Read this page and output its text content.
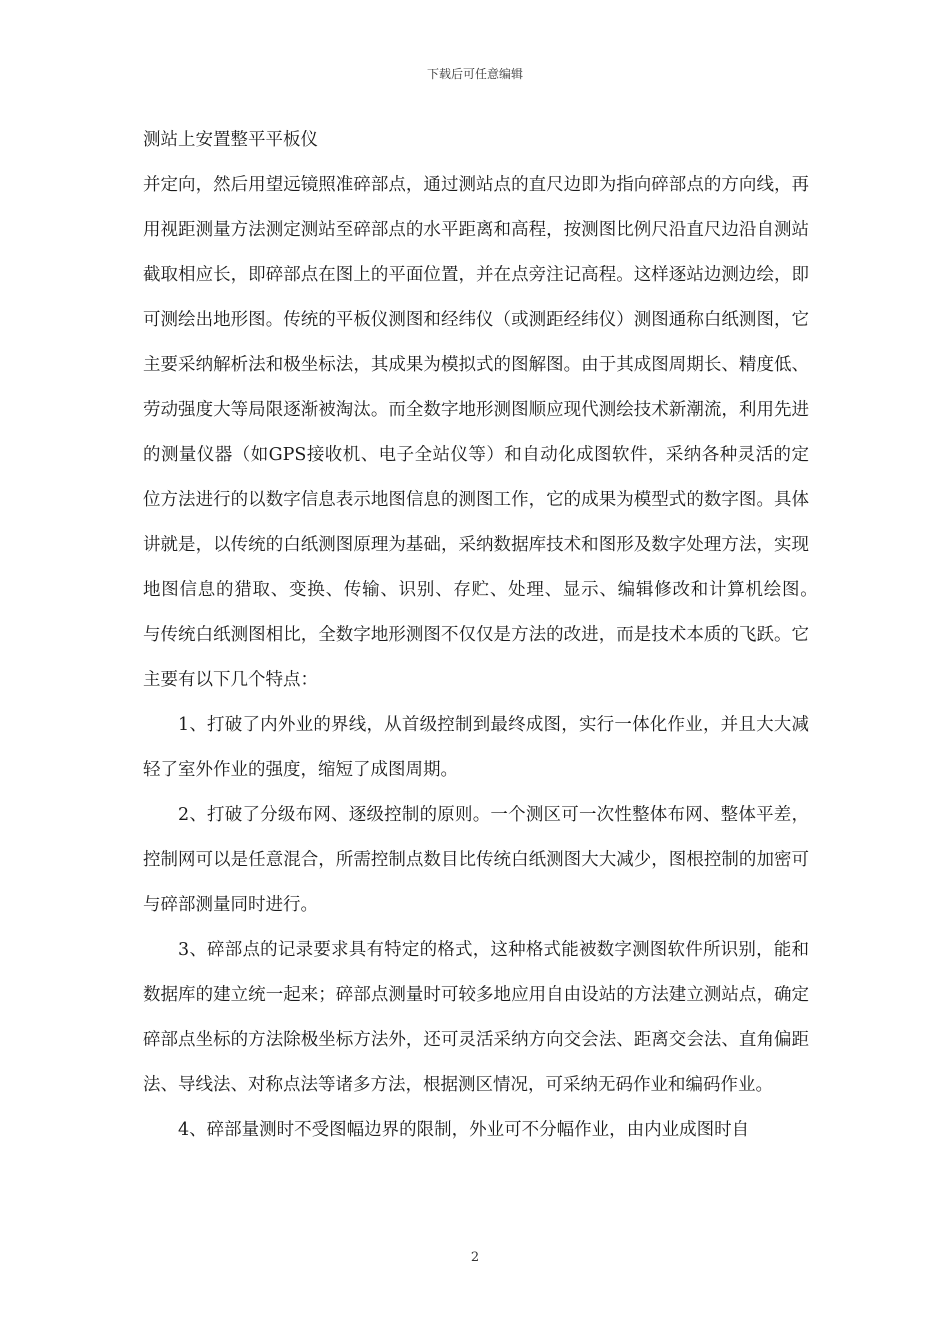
下载后可任意编辑

测站上安置整平平板仪

并定向，然后用望远镜照准碎部点，通过测站点的直尺边即为指向碎部点的方向线，再用视距测量方法测定测站至碎部点的水平距离和高程，按测图比例尺沿直尺边沿自测站截取相应长，即碎部点在图上的平面位置，并在点旁注记高程。这样逐站边测边绘，即可测绘出地形图。传统的平板仪测图和经纬仪（或测距经纬仪）测图通称白纸测图，它主要采纳解析法和极坐标法，其成果为模拟式的图解图。由于其成图周期长、精度低、劳动强度大等局限逐渐被淘汰。而全数字地形测图顺应现代测绘技术新潮流，利用先进的测量仪器（如GPS接收机、电子全站仪等）和自动化成图软件，采纳各种灵活的定位方法进行的以数字信息表示地图信息的测图工作，它的成果为模型式的数字图。具体讲就是，以传统的白纸测图原理为基础，采纳数据库技术和图形及数字处理方法，实现地图信息的猎取、变换、传输、识别、存贮、处理、显示、编辑修改和计算机绘图。　　与传统白纸测图相比，全数字地形测图不仅仅是方法的改进，而是技术本质的飞跃。它主要有以下几个特点：

1、打破了内外业的界线，从首级控制到最终成图，实行一体化作业，并且大大减轻了室外作业的强度，缩短了成图周期。

2、打破了分级布网、逐级控制的原则。一个测区可一次性整体布网、整体平差，控制网可以是任意混合，所需控制点数目比传统白纸测图大大减少，图根控制的加密可与碎部测量同时进行。

3、碎部点的记录要求具有特定的格式，这种格式能被数字测图软件所识别，能和数据库的建立统一起来；碎部点测量时可较多地应用自由设站的方法建立测站点，确定碎部点坐标的方法除极坐标方法外，还可灵活采纳方向交会法、距离交会法、直角偏距法、导线法、对称点法等诸多方法，根据测区情况，可采纳无码作业和编码作业。

4、碎部量测时不受图幅边界的限制，外业可不分幅作业，由内业成图时自

2
